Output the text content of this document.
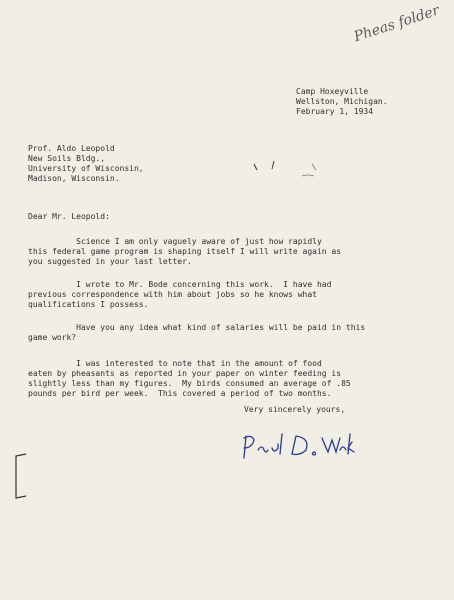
Pheas folder
Camp Hoxeyville
Wellston, Michigan.
February 1, 1934
Prof. Aldo Leopold
New Soils Bldg.,
University of Wisconsin,
Madison, Wisconsin.
Dear Mr. Leopold:
Science I am only vaguely aware of just how rapidly
this federal game program is shaping itself I will write again as
you suggested in your last letter.
I wrote to Mr. Bode concerning this work.  I have had
previous correspondence with him about jobs so he knows what
qualifications I possess.
Have you any idea what kind of salaries will be paid in this
game work?
I was interested to note that in the amount of food
eaten by pheasants as reported in your paper on winter feeding is
slightly less than my figures.  My birds consumed an average of .85
pounds per bird per week.  This covered a period of two months.
Very sincerely yours,
